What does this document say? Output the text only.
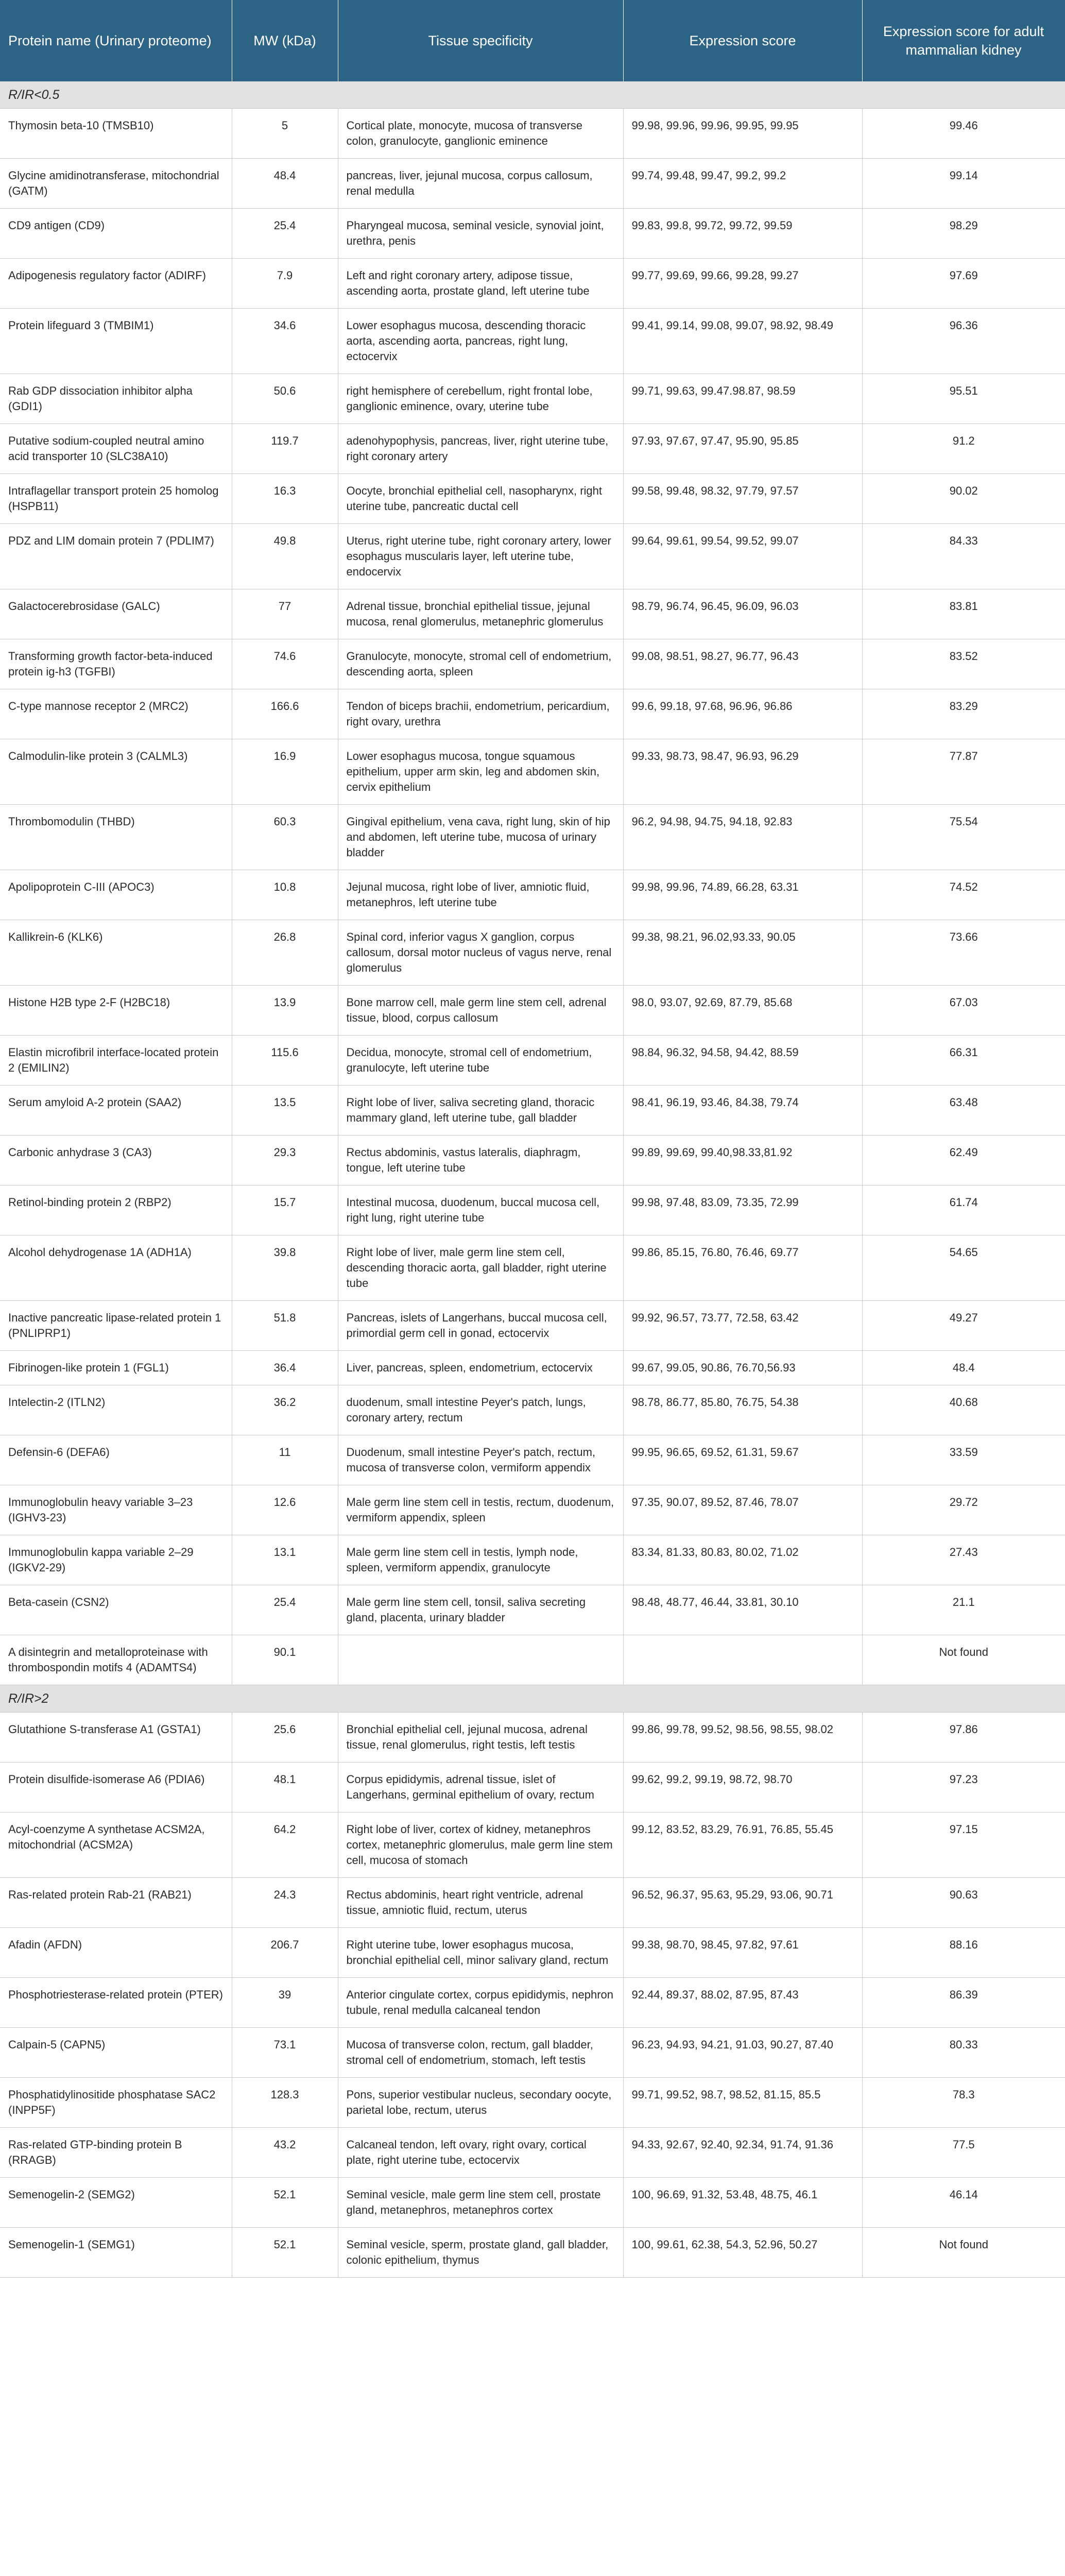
Protein name (Urinary proteome)	MW (kDa)	Tissue specificity	Expression score	Expression score for adult mammalian kidney
R/IR<0.5				
Thymosin beta-10 (TMSB10)	5	Cortical plate, monocyte, mucosa of transverse colon, granulocyte, ganglionic eminence	99.98, 99.96, 99.96, 99.95, 99.95	99.46
Glycine amidinotransferase, mitochondrial (GATM)	48.4	pancreas, liver, jejunal mucosa, corpus callosum, renal medulla	99.74, 99.48, 99.47, 99.2, 99.2	99.14
CD9 antigen (CD9)	25.4	Pharyngeal mucosa, seminal vesicle, synovial joint, urethra, penis	99.83, 99.8, 99.72, 99.72, 99.59	98.29
Adipogenesis regulatory factor (ADIRF)	7.9	Left and right coronary artery, adipose tissue, ascending aorta, prostate gland, left uterine tube	99.77, 99.69, 99.66, 99.28, 99.27	97.69
Protein lifeguard 3 (TMBIM1)	34.6	Lower esophagus mucosa, descending thoracic aorta, ascending aorta, pancreas, right lung, ectocervix	99.41, 99.14, 99.08, 99.07, 98.92, 98.49	96.36
Rab GDP dissociation inhibitor alpha (GDI1)	50.6	right hemisphere of cerebellum, right frontal lobe, ganglionic eminence, ovary, uterine tube	99.71, 99.63, 99.47.98.87, 98.59	95.51
Putative sodium-coupled neutral amino acid transporter 10 (SLC38A10)	119.7	adenohypophysis, pancreas, liver, right uterine tube, right coronary artery	97.93, 97.67, 97.47, 95.90, 95.85	91.2
Intraflagellar transport protein 25 homolog (HSPB11)	16.3	Oocyte, bronchial epithelial cell, nasopharynx, right uterine tube, pancreatic ductal cell	99.58, 99.48, 98.32, 97.79, 97.57	90.02
PDZ and LIM domain protein 7 (PDLIM7)	49.8	Uterus, right uterine tube, right coronary artery, lower esophagus muscularis layer, left uterine tube, endocervix	99.64, 99.61, 99.54, 99.52, 99.07	84.33
Galactocerebrosidase (GALC)	77	Adrenal tissue, bronchial epithelial tissue, jejunal mucosa, renal glomerulus, metanephric glomerulus	98.79, 96.74, 96.45, 96.09, 96.03	83.81
Transforming growth factor-beta-induced protein ig-h3 (TGFBI)	74.6	Granulocyte, monocyte, stromal cell of endometrium, descending aorta, spleen	99.08, 98.51, 98.27, 96.77, 96.43	83.52
C-type mannose receptor 2 (MRC2)	166.6	Tendon of biceps brachii, endometrium, pericardium, right ovary, urethra	99.6, 99.18, 97.68, 96.96, 96.86	83.29
Calmodulin-like protein 3 (CALML3)	16.9	Lower esophagus mucosa, tongue squamous epithelium, upper arm skin, leg and abdomen skin, cervix epithelium	99.33, 98.73, 98.47, 96.93, 96.29	77.87
Thrombomodulin (THBD)	60.3	Gingival epithelium, vena cava, right lung, skin of hip and abdomen, left uterine tube, mucosa of urinary bladder	96.2, 94.98, 94.75, 94.18, 92.83	75.54
Apolipoprotein C-III (APOC3)	10.8	Jejunal mucosa, right lobe of liver, amniotic fluid, metanephros, left uterine tube	99.98, 99.96, 74.89, 66.28, 63.31	74.52
Kallikrein-6 (KLK6)	26.8	Spinal cord, inferior vagus X ganglion, corpus callosum, dorsal motor nucleus of vagus nerve, renal glomerulus	99.38, 98.21, 96.02,93.33, 90.05	73.66
Histone H2B type 2-F (H2BC18)	13.9	Bone marrow cell, male germ line stem cell, adrenal tissue, blood, corpus callosum	98.0, 93.07, 92.69, 87.79, 85.68	67.03
Elastin microfibril interface-located protein 2 (EMILIN2)	115.6	Decidua, monocyte, stromal cell of endometrium, granulocyte, left uterine tube	98.84, 96.32, 94.58, 94.42, 88.59	66.31
Serum amyloid A-2 protein (SAA2)	13.5	Right lobe of liver, saliva secreting gland, thoracic mammary gland, left uterine tube, gall bladder	98.41, 96.19, 93.46, 84.38, 79.74	63.48
Carbonic anhydrase 3 (CA3)	29.3	Rectus abdominis, vastus lateralis, diaphragm, tongue, left uterine tube	99.89, 99.69, 99.40,98.33,81.92	62.49
Retinol-binding protein 2 (RBP2)	15.7	Intestinal mucosa, duodenum, buccal mucosa cell, right lung, right uterine tube	99.98, 97.48, 83.09, 73.35, 72.99	61.74
Alcohol dehydrogenase 1A (ADH1A)	39.8	Right lobe of liver, male germ line stem cell, descending thoracic aorta, gall bladder, right uterine tube	99.86, 85.15, 76.80, 76.46, 69.77	54.65
Inactive pancreatic lipase-related protein 1 (PNLIPRP1)	51.8	Pancreas, islets of Langerhans, buccal mucosa cell, primordial germ cell in gonad, ectocervix	99.92, 96.57, 73.77, 72.58, 63.42	49.27
Fibrinogen-like protein 1 (FGL1)	36.4	Liver, pancreas, spleen, endometrium, ectocervix	99.67, 99.05, 90.86, 76.70,56.93	48.4
Intelectin-2 (ITLN2)	36.2	duodenum, small intestine Peyer's patch, lungs, coronary artery, rectum	98.78, 86.77, 85.80, 76.75, 54.38	40.68
Defensin-6 (DEFA6)	11	Duodenum, small intestine Peyer's patch, rectum, mucosa of transverse colon, vermiform appendix	99.95, 96.65, 69.52, 61.31, 59.67	33.59
Immunoglobulin heavy variable 3–23 (IGHV3-23)	12.6	Male germ line stem cell in testis, rectum, duodenum, vermiform appendix, spleen	97.35, 90.07, 89.52, 87.46, 78.07	29.72
Immunoglobulin kappa variable 2–29 (IGKV2-29)	13.1	Male germ line stem cell in testis, lymph node, spleen, vermiform appendix, granulocyte	83.34, 81.33, 80.83, 80.02, 71.02	27.43
Beta-casein (CSN2)	25.4	Male germ line stem cell, tonsil, saliva secreting gland, placenta, urinary bladder	98.48, 48.77, 46.44, 33.81, 30.10	21.1
A disintegrin and metalloproteinase with thrombospondin motifs 4 (ADAMTS4)	90.1			Not found
R/IR>2				
Glutathione S-transferase A1 (GSTA1)	25.6	Bronchial epithelial cell, jejunal mucosa, adrenal tissue, renal glomerulus, right testis, left testis	99.86, 99.78, 99.52, 98.56, 98.55, 98.02	97.86
Protein disulfide-isomerase A6 (PDIA6)	48.1	Corpus epididymis, adrenal tissue, islet of Langerhans, germinal epithelium of ovary, rectum	99.62, 99.2, 99.19, 98.72, 98.70	97.23
Acyl-coenzyme A synthetase ACSM2A, mitochondrial (ACSM2A)	64.2	Right lobe of liver, cortex of kidney, metanephros cortex, metanephric glomerulus, male germ line stem cell, mucosa of stomach	99.12, 83.52, 83.29, 76.91, 76.85, 55.45	97.15
Ras-related protein Rab-21 (RAB21)	24.3	Rectus abdominis, heart right ventricle, adrenal tissue, amniotic fluid, rectum, uterus	96.52, 96.37, 95.63, 95.29, 93.06, 90.71	90.63
Afadin (AFDN)	206.7	Right uterine tube, lower esophagus mucosa, bronchial epithelial cell, minor salivary gland, rectum	99.38, 98.70, 98.45, 97.82, 97.61	88.16
Phosphotriesterase-related protein (PTER)	39	Anterior cingulate cortex, corpus epididymis, nephron tubule, renal medulla calcaneal tendon	92.44, 89.37, 88.02, 87.95, 87.43	86.39
Calpain-5 (CAPN5)	73.1	Mucosa of transverse colon, rectum, gall bladder, stromal cell of endometrium, stomach, left testis	96.23, 94.93, 94.21, 91.03, 90.27, 87.40	80.33
Phosphatidylinositide phosphatase SAC2 (INPP5F)	128.3	Pons, superior vestibular nucleus, secondary oocyte, parietal lobe, rectum, uterus	99.71, 99.52, 98.7, 98.52, 81.15, 85.5	78.3
Ras-related GTP-binding protein B (RRAGB)	43.2	Calcaneal tendon, left ovary, right ovary, cortical plate, right uterine tube, ectocervix	94.33, 92.67, 92.40, 92.34, 91.74, 91.36	77.5
Semenogelin-2 (SEMG2)	52.1	Seminal vesicle, male germ line stem cell, prostate gland, metanephros, metanephros cortex	100, 96.69, 91.32, 53.48, 48.75, 46.1	46.14
Semenogelin-1 (SEMG1)	52.1	Seminal vesicle, sperm, prostate gland, gall bladder, colonic epithelium, thymus	100, 99.61, 62.38, 54.3, 52.96, 50.27	Not found
